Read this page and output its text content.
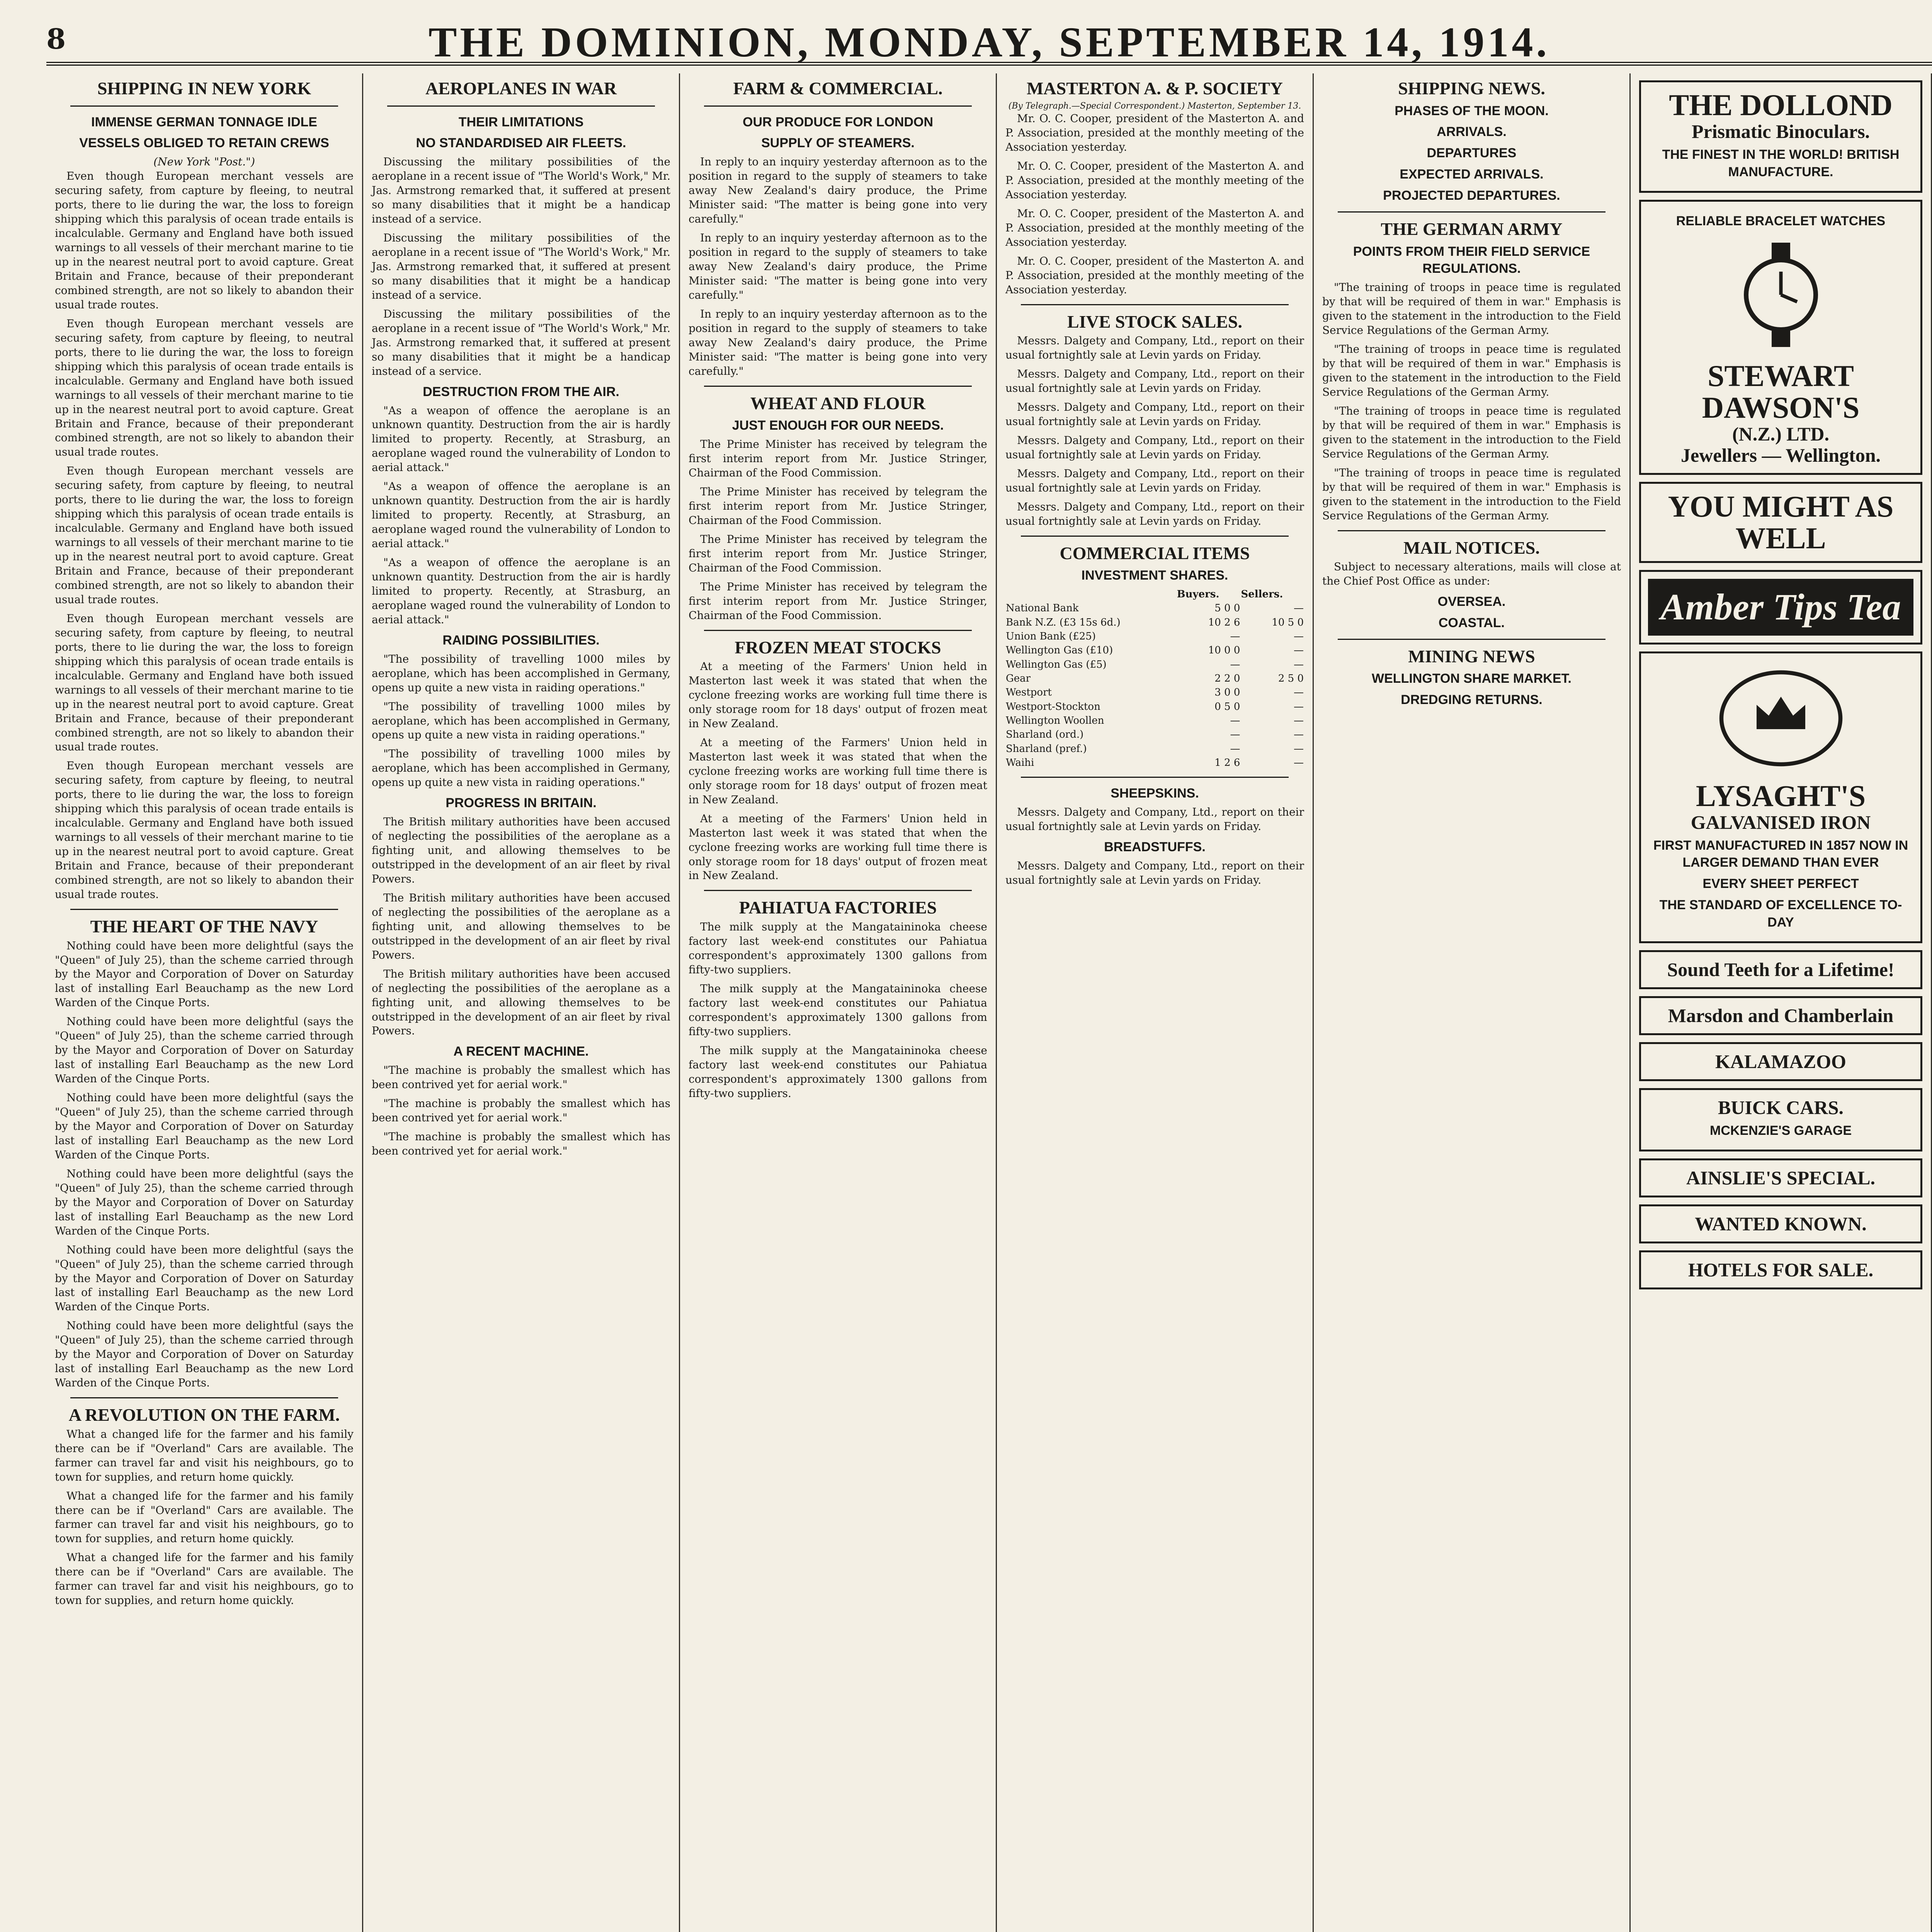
8	THE DOMINION, MONDAY, SEPTEMBER 14, 1914.
SHIPPING IN NEW YORK
IMMENSE GERMAN TONNAGE IDLE
VESSELS OBLIGED TO RETAIN CREWS
(New York "Post.")

Even though European merchant vessels are securing safety, from capture by fleeing, to neutral ports, there to lie during the war, the loss to foreign shipping which this paralysis of ocean trade entails is incalculable. Germany and England have both issued warnings to all vessels of their merchant marine to tie up in the nearest neutral port to avoid capture. Great Britain and France, because of their preponderant combined strength, are not so likely to abandon their usual trade routes.

Even though European merchant vessels are securing safety, from capture by fleeing, to neutral ports, there to lie during the war, the loss to foreign shipping which this paralysis of ocean trade entails is incalculable. Germany and England have both issued warnings to all vessels of their merchant marine to tie up in the nearest neutral port to avoid capture. Great Britain and France, because of their preponderant combined strength, are not so likely to abandon their usual trade routes.

Even though European merchant vessels are securing safety, from capture by fleeing, to neutral ports, there to lie during the war, the loss to foreign shipping which this paralysis of ocean trade entails is incalculable. Germany and England have both issued warnings to all vessels of their merchant marine to tie up in the nearest neutral port to avoid capture. Great Britain and France, because of their preponderant combined strength, are not so likely to abandon their usual trade routes.

Even though European merchant vessels are securing safety, from capture by fleeing, to neutral ports, there to lie during the war, the loss to foreign shipping which this paralysis of ocean trade entails is incalculable. Germany and England have both issued warnings to all vessels of their merchant marine to tie up in the nearest neutral port to avoid capture. Great Britain and France, because of their preponderant combined strength, are not so likely to abandon their usual trade routes.

Even though European merchant vessels are securing safety, from capture by fleeing, to neutral ports, there to lie during the war, the loss to foreign shipping which this paralysis of ocean trade entails is incalculable. Germany and England have both issued warnings to all vessels of their merchant marine to tie up in the nearest neutral port to avoid capture. Great Britain and France, because of their preponderant combined strength, are not so likely to abandon their usual trade routes.

THE HEART OF THE NAVY

Nothing could have been more delightful (says the "Queen" of July 25), than the scheme carried through by the Mayor and Corporation of Dover on Saturday last of installing Earl Beauchamp as the new Lord Warden of the Cinque Ports.

Nothing could have been more delightful (says the "Queen" of July 25), than the scheme carried through by the Mayor and Corporation of Dover on Saturday last of installing Earl Beauchamp as the new Lord Warden of the Cinque Ports.

Nothing could have been more delightful (says the "Queen" of July 25), than the scheme carried through by the Mayor and Corporation of Dover on Saturday last of installing Earl Beauchamp as the new Lord Warden of the Cinque Ports.

Nothing could have been more delightful (says the "Queen" of July 25), than the scheme carried through by the Mayor and Corporation of Dover on Saturday last of installing Earl Beauchamp as the new Lord Warden of the Cinque Ports.

Nothing could have been more delightful (says the "Queen" of July 25), than the scheme carried through by the Mayor and Corporation of Dover on Saturday last of installing Earl Beauchamp as the new Lord Warden of the Cinque Ports.

Nothing could have been more delightful (says the "Queen" of July 25), than the scheme carried through by the Mayor and Corporation of Dover on Saturday last of installing Earl Beauchamp as the new Lord Warden of the Cinque Ports.

A REVOLUTION ON THE FARM.

What a changed life for the farmer and his family there can be if "Overland" Cars are available. The farmer can travel far and visit his neighbours, go to town for supplies, and return home quickly.

What a changed life for the farmer and his family there can be if "Overland" Cars are available. The farmer can travel far and visit his neighbours, go to town for supplies, and return home quickly.

What a changed life for the farmer and his family there can be if "Overland" Cars are available. The farmer can travel far and visit his neighbours, go to town for supplies, and return home quickly.

AEROPLANES IN WAR
THEIR LIMITATIONS
NO STANDARDISED AIR FLEETS.

Discussing the military possibilities of the aeroplane in a recent issue of "The World's Work," Mr. Jas. Armstrong remarked that, it suffered at present so many disabilities that it might be a handicap instead of a service.

Discussing the military possibilities of the aeroplane in a recent issue of "The World's Work," Mr. Jas. Armstrong remarked that, it suffered at present so many disabilities that it might be a handicap instead of a service.

Discussing the military possibilities of the aeroplane in a recent issue of "The World's Work," Mr. Jas. Armstrong remarked that, it suffered at present so many disabilities that it might be a handicap instead of a service.

DESTRUCTION FROM THE AIR.

"As a weapon of offence the aeroplane is an unknown quantity. Destruction from the air is hardly limited to property. Recently, at Strasburg, an aeroplane waged round the vulnerability of London to aerial attack."

"As a weapon of offence the aeroplane is an unknown quantity. Destruction from the air is hardly limited to property. Recently, at Strasburg, an aeroplane waged round the vulnerability of London to aerial attack."

"As a weapon of offence the aeroplane is an unknown quantity. Destruction from the air is hardly limited to property. Recently, at Strasburg, an aeroplane waged round the vulnerability of London to aerial attack."

RAIDING POSSIBILITIES.

"The possibility of travelling 1000 miles by aeroplane, which has been accomplished in Germany, opens up quite a new vista in raiding operations."

"The possibility of travelling 1000 miles by aeroplane, which has been accomplished in Germany, opens up quite a new vista in raiding operations."

"The possibility of travelling 1000 miles by aeroplane, which has been accomplished in Germany, opens up quite a new vista in raiding operations."

PROGRESS IN BRITAIN.

The British military authorities have been accused of neglecting the possibilities of the aeroplane as a fighting unit, and allowing themselves to be outstripped in the development of an air fleet by rival Powers.

The British military authorities have been accused of neglecting the possibilities of the aeroplane as a fighting unit, and allowing themselves to be outstripped in the development of an air fleet by rival Powers.

The British military authorities have been accused of neglecting the possibilities of the aeroplane as a fighting unit, and allowing themselves to be outstripped in the development of an air fleet by rival Powers.

A RECENT MACHINE.

"The machine is probably the smallest which has been contrived yet for aerial work."

"The machine is probably the smallest which has been contrived yet for aerial work."

"The machine is probably the smallest which has been contrived yet for aerial work."

FARM & COMMERCIAL.
OUR PRODUCE FOR LONDON
SUPPLY OF STEAMERS.

In reply to an inquiry yesterday afternoon as to the position in regard to the supply of steamers to take away New Zealand's dairy produce, the Prime Minister said: "The matter is being gone into very carefully."

In reply to an inquiry yesterday afternoon as to the position in regard to the supply of steamers to take away New Zealand's dairy produce, the Prime Minister said: "The matter is being gone into very carefully."

In reply to an inquiry yesterday afternoon as to the position in regard to the supply of steamers to take away New Zealand's dairy produce, the Prime Minister said: "The matter is being gone into very carefully."

WHEAT AND FLOUR
JUST ENOUGH FOR OUR NEEDS.

The Prime Minister has received by telegram the first interim report from Mr. Justice Stringer, Chairman of the Food Commission.

The Prime Minister has received by telegram the first interim report from Mr. Justice Stringer, Chairman of the Food Commission.

The Prime Minister has received by telegram the first interim report from Mr. Justice Stringer, Chairman of the Food Commission.

The Prime Minister has received by telegram the first interim report from Mr. Justice Stringer, Chairman of the Food Commission.

FROZEN MEAT STOCKS

At a meeting of the Farmers' Union held in Masterton last week it was stated that when the cyclone freezing works are working full time there is only storage room for 18 days' output of frozen meat in New Zealand.

At a meeting of the Farmers' Union held in Masterton last week it was stated that when the cyclone freezing works are working full time there is only storage room for 18 days' output of frozen meat in New Zealand.

At a meeting of the Farmers' Union held in Masterton last week it was stated that when the cyclone freezing works are working full time there is only storage room for 18 days' output of frozen meat in New Zealand.

PAHIATUA FACTORIES

The milk supply at the Mangataininoka cheese factory last week-end constitutes our Pahiatua correspondent's approximately 1300 gallons from fifty-two suppliers.

The milk supply at the Mangataininoka cheese factory last week-end constitutes our Pahiatua correspondent's approximately 1300 gallons from fifty-two suppliers.

The milk supply at the Mangataininoka cheese factory last week-end constitutes our Pahiatua correspondent's approximately 1300 gallons from fifty-two suppliers.

MASTERTON A. & P. SOCIETY
(By Telegraph.—Special Correspondent.) Masterton, September 13.

Mr. O. C. Cooper, president of the Masterton A. and P. Association, presided at the monthly meeting of the Association yesterday.

Mr. O. C. Cooper, president of the Masterton A. and P. Association, presided at the monthly meeting of the Association yesterday.

Mr. O. C. Cooper, president of the Masterton A. and P. Association, presided at the monthly meeting of the Association yesterday.

Mr. O. C. Cooper, president of the Masterton A. and P. Association, presided at the monthly meeting of the Association yesterday.

LIVE STOCK SALES.

Messrs. Dalgety and Company, Ltd., report on their usual fortnightly sale at Levin yards on Friday.

Messrs. Dalgety and Company, Ltd., report on their usual fortnightly sale at Levin yards on Friday.

Messrs. Dalgety and Company, Ltd., report on their usual fortnightly sale at Levin yards on Friday.

Messrs. Dalgety and Company, Ltd., report on their usual fortnightly sale at Levin yards on Friday.

Messrs. Dalgety and Company, Ltd., report on their usual fortnightly sale at Levin yards on Friday.

Messrs. Dalgety and Company, Ltd., report on their usual fortnightly sale at Levin yards on Friday.

COMMERCIAL ITEMS
INVESTMENT SHARES.
	Buyers.	Sellers.
National Bank	5 0 0	—
Bank N.Z. (£3 15s 6d.)	10 2 6	10 5 0
Union Bank (£25)	—	—
Wellington Gas (£10)	10 0 0	—
Wellington Gas (£5)	—	—
Gear	2 2 0	2 5 0
Westport	3 0 0	—
Westport-Stockton	0 5 0	—
Wellington Woollen	—	—
Sharland (ord.)	—	—
Sharland (pref.)	—	—
Waihi	1 2 6	—
SHEEPSKINS.

Messrs. Dalgety and Company, Ltd., report on their usual fortnightly sale at Levin yards on Friday.

BREADSTUFFS.

Messrs. Dalgety and Company, Ltd., report on their usual fortnightly sale at Levin yards on Friday.

SHIPPING NEWS.
PHASES OF THE MOON.
ARRIVALS.
DEPARTURES
EXPECTED ARRIVALS.
PROJECTED DEPARTURES.
THE GERMAN ARMY
POINTS FROM THEIR FIELD SERVICE REGULATIONS.

"The training of troops in peace time is regulated by that will be required of them in war." Emphasis is given to the statement in the introduction to the Field Service Regulations of the German Army.

"The training of troops in peace time is regulated by that will be required of them in war." Emphasis is given to the statement in the introduction to the Field Service Regulations of the German Army.

"The training of troops in peace time is regulated by that will be required of them in war." Emphasis is given to the statement in the introduction to the Field Service Regulations of the German Army.

"The training of troops in peace time is regulated by that will be required of them in war." Emphasis is given to the statement in the introduction to the Field Service Regulations of the German Army.

MAIL NOTICES.

Subject to necessary alterations, mails will close at the Chief Post Office as under:

OVERSEA.
COASTAL.
MINING NEWS
WELLINGTON SHARE MARKET.
DREDGING RETURNS.
THE DOLLOND
Prismatic Binoculars.
THE FINEST IN THE WORLD! BRITISH MANUFACTURE.
RELIABLE BRACELET WATCHES
STEWART DAWSON'S
(N.Z.) LTD.
Jewellers — Wellington.
YOU MIGHT AS WELL
Amber Tips Tea
LYSAGHT'S
GALVANISED IRON
FIRST MANUFACTURED IN 1857 NOW IN LARGER DEMAND THAN EVER
EVERY SHEET PERFECT
THE STANDARD OF EXCELLENCE TO-DAY
Sound Teeth for a Lifetime!
Marsdon and Chamberlain
KALAMAZOO
BUICK CARS.
MCKENZIE'S GARAGE
AINSLIE'S SPECIAL.
WANTED KNOWN.
HOTELS FOR SALE.
